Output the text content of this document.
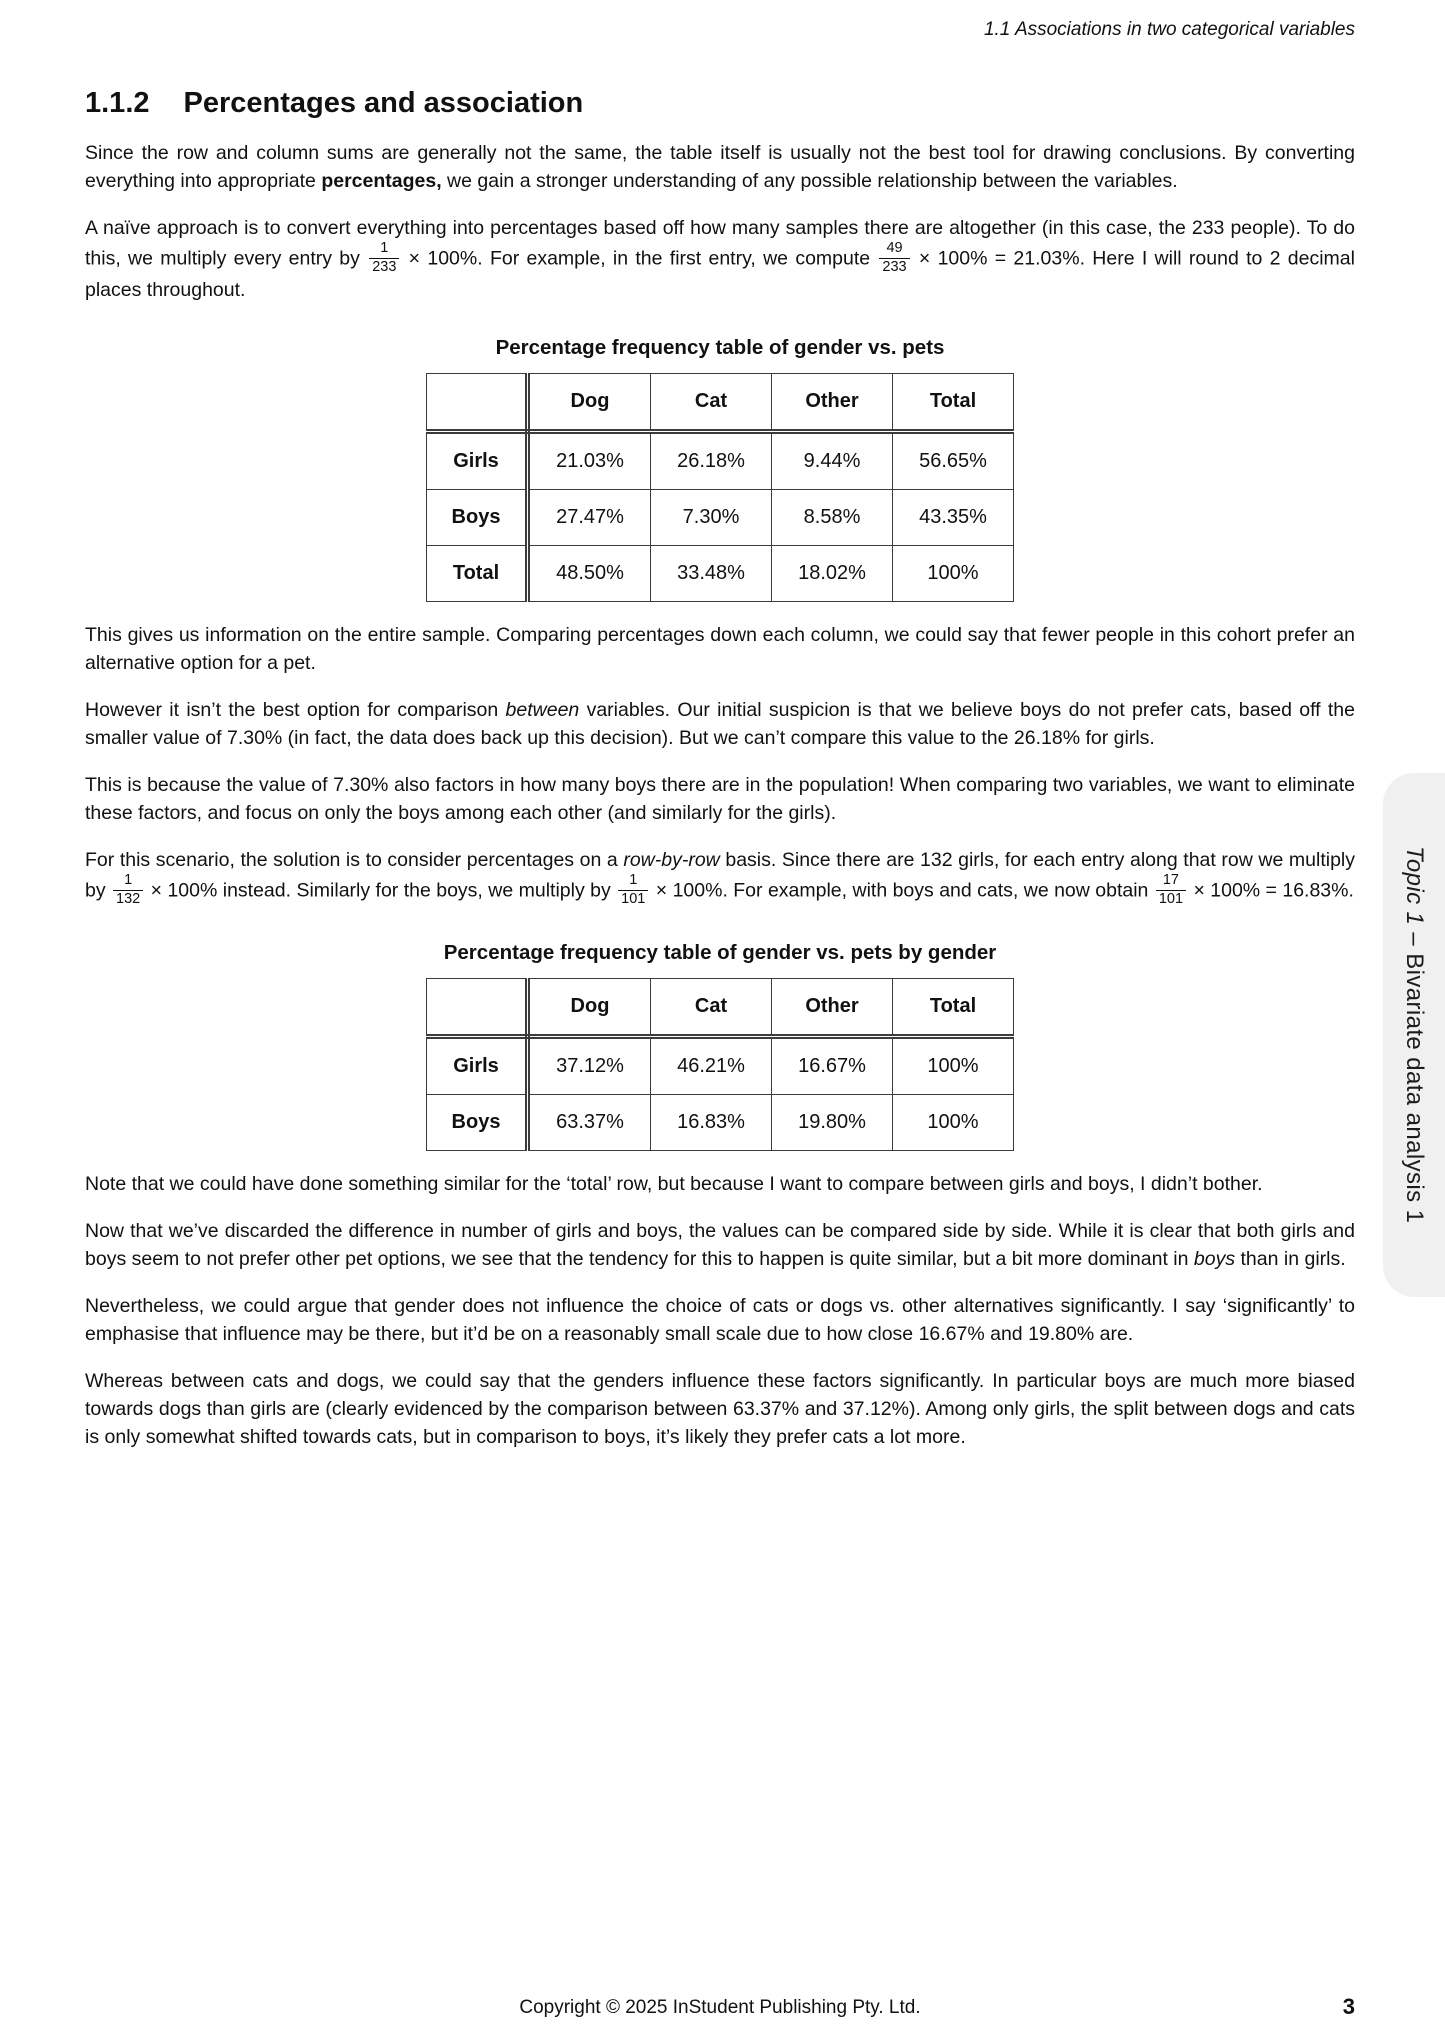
1.1 Associations in two categorical variables

1.1.2 Percentages and association

Since the row and column sums are generally not the same, the table itself is usually not the best tool for drawing conclusions. By converting everything into appropriate percentages, we gain a stronger understanding of any possible relationship between the variables.

A naïve approach is to convert everything into percentages based off how many samples there are altogether (in this case, the 233 people). To do this, we multiply every entry by $\frac{1}{233} \times 100\%$. For example, in the first entry, we compute $\frac{49}{233} \times 100\% = 21.03\%$. Here I will round to 2 decimal places throughout.

Percentage frequency table of gender vs. pets
	Dog	Cat	Other	Total
Girls	21.03%	26.18%	9.44%	56.65%
Boys	27.47%	7.30%	8.58%	43.35%
Total	48.50%	33.48%	18.02%	100%

This gives us information on the entire sample. Comparing percentages down each column, we could say that fewer people in this cohort prefer an alternative option for a pet.

However it isn’t the best option for comparison between variables. Our initial suspicion is that we believe boys do not prefer cats, based off the smaller value of 7.30% (in fact, the data does back up this decision). But we can’t compare this value to the 26.18% for girls.

This is because the value of 7.30% also factors in how many boys there are in the population! When comparing two variables, we want to eliminate these factors, and focus on only the boys among each other (and similarly for the girls).

For this scenario, the solution is to consider percentages on a row-by-row basis. Since there are 132 girls, for each entry along that row we multiply by $\frac{1}{132} \times 100\%$ instead. Similarly for the boys, we multiply by $\frac{1}{101} \times 100\%$. For example, with boys and cats, we now obtain $\frac{17}{101} \times 100\% = 16.83\%$.

Percentage frequency table of gender vs. pets by gender
	Dog	Cat	Other	Total
Girls	37.12%	46.21%	16.67%	100%
Boys	63.37%	16.83%	19.80%	100%

Note that we could have done something similar for the ‘total’ row, but because I want to compare between girls and boys, I didn’t bother.

Now that we’ve discarded the difference in number of girls and boys, the values can be compared side by side. While it is clear that both girls and boys seem to not prefer other pet options, we see that the tendency for this to happen is quite similar, but a bit more dominant in boys than in girls.

Nevertheless, we could argue that gender does not influence the choice of cats or dogs vs. other alternatives significantly. I say ‘significantly’ to emphasise that influence may be there, but it’d be on a reasonably small scale due to how close 16.67% and 19.80% are.

Whereas between cats and dogs, we could say that the genders influence these factors significantly. In particular boys are much more biased towards dogs than girls are (clearly evidenced by the comparison between 63.37% and 37.12%). Among only girls, the split between dogs and cats is only somewhat shifted towards cats, but in comparison to boys, it’s likely they prefer cats a lot more.

Topic 1 – Bivariate data analysis 1
Copyright © 2025 InStudent Publishing Pty. Ltd.	3
